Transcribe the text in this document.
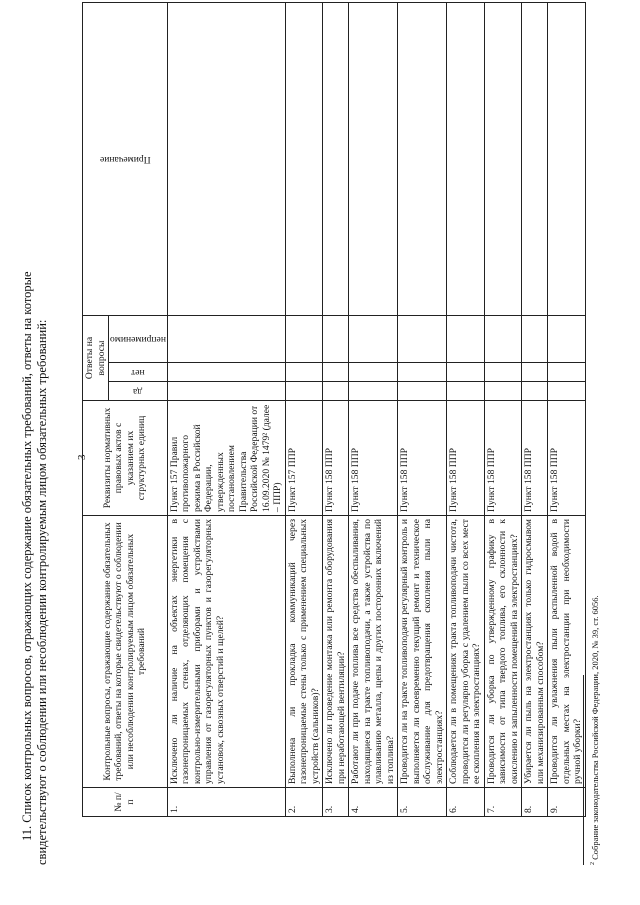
3
11. Список контрольных вопросов, отражающих содержание обязательных требований, ответы на которые свидетельствуют о соблюдении или несоблюдении контролируемым лицом обязательных требований:	№ п/п	Контрольные вопросы, отражающие содержание обязательных требований, ответы на которые свидетельствуют о соблюдении или несоблюдении контролируемым лицом обязательных требований	Реквизиты нормативных правовых актов с указанием их структурных единиц	Ответы на вопросы			Примечание

			да	нет	неприменимо	

1.	Исключено ли наличие на объектах энергетики в газонепроницаемых стенах, отделяющих помещения с контрольно-измерительными приборами и устройствами управления от газорегуляторных пунктов и газорегуляторных установок, сквозных отверстий и щелей?	Пункт 157 Правил противопожарного режима в Российской Федерации, утвержденных постановлением Правительства Российской Федерации от 16.09.2020 № 1479² (далее – ППР)				
2.	Выполнена ли прокладка коммуникаций через газонепроницаемые стены только с применением специальных устройств (сальников)?	Пункт 157 ППР				
3.	Исключено ли проведение монтажа или ремонта оборудования при неработающей вентиляции?	Пункт 158 ППР				
4.	Работают ли при подаче топлива все средства обеспыливания, находящиеся на тракте топливоподачи, а также устройства по улавливанию металла, щепы и других посторонних включений из топлива?	Пункт 158 ППР				
5.	Проводится ли на тракте топливоподачи регулярный контроль и выполняется ли своевременно текущий ремонт и техническое обслуживание для предотвращения скопления пыли на электростанциях?	Пункт 158 ППР				
6.	Соблюдается ли в помещениях тракта топливоподачи чистота, проводится ли регулярно уборка с удалением пыли со всех мест ее скопления на электростанциях?	Пункт 158 ППР				
7.	Проводится ли уборка по утвержденному графику в зависимости от типа твердого топлива, его склонности к окислению и запыленности помещений на электростанциях?	Пункт 158 ППР				
8.	Убирается ли пыль на электростанциях только гидросмывом или механизированным способом?	Пункт 158 ППР				
9.	Проводится ли увлажнения пыли распыленной водой в отдельных местах на электростанции при необходимости ручной уборки?	Пункт 158 ППР				
$^2$ Собрание законодательства Российской Федерации, 2020, № 39, ст. 6056.
